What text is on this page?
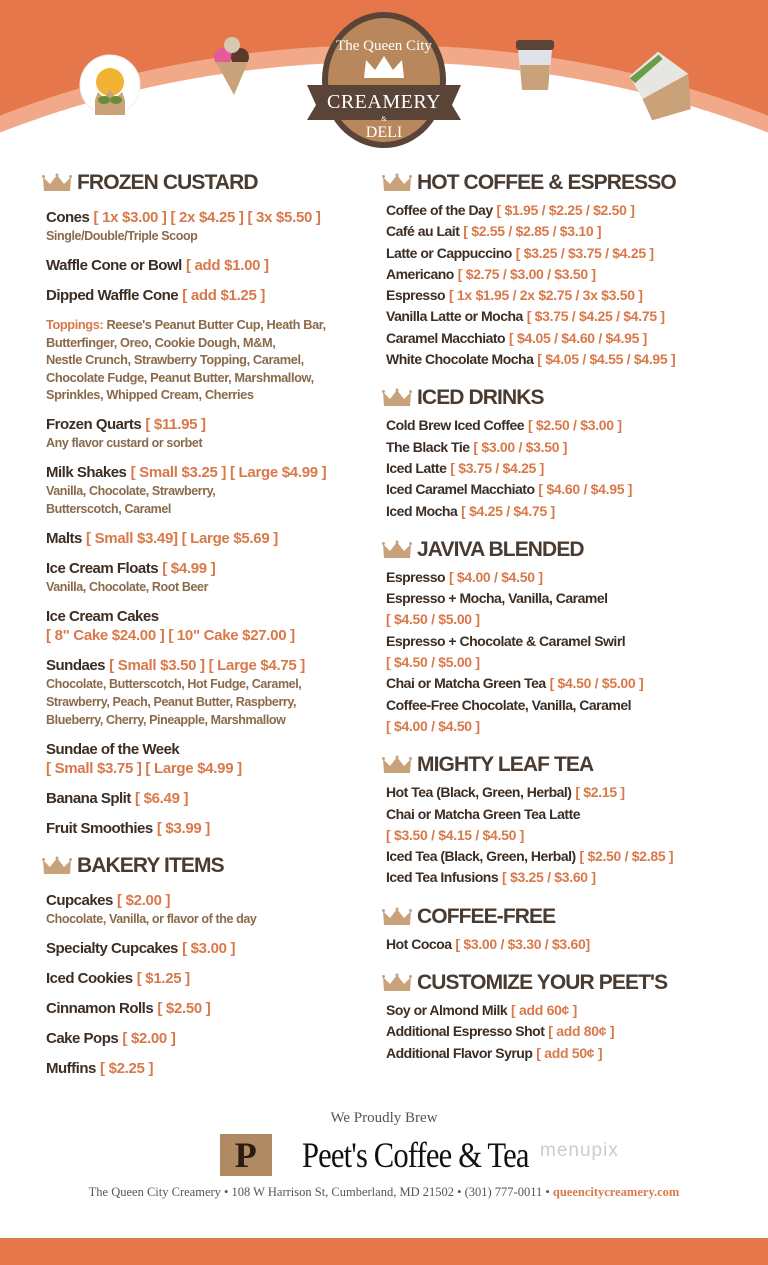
The Queen City
CREAMERY
&
DELI
FROZEN CUSTARD
Cones [ 1x $3.00 ] [ 2x $4.25 ] [ 3x $5.50 ]
Single/Double/Triple Scoop
Waffle Cone or Bowl [ add $1.00 ]
Dipped Waffle Cone [ add $1.25 ]
Toppings: Reese's Peanut Butter Cup, Heath Bar,
Butterfinger, Oreo, Cookie Dough, M&M,
Nestle Crunch, Strawberry Topping, Caramel,
Chocolate Fudge, Peanut Butter, Marshmallow,
Sprinkles, Whipped Cream, Cherries
Frozen Quarts [ $11.95 ]
Any flavor custard or sorbet
Milk Shakes [ Small $3.25 ] [ Large $4.99 ]
Vanilla, Chocolate, Strawberry,
Butterscotch, Caramel
Malts [ Small $3.49] [ Large $5.69 ]
Ice Cream Floats [ $4.99 ]
Vanilla, Chocolate, Root Beer
Ice Cream Cakes
[ 8" Cake $24.00 ] [ 10" Cake $27.00 ]
Sundaes [ Small $3.50 ] [ Large $4.75 ]
Chocolate, Butterscotch, Hot Fudge, Caramel,
Strawberry, Peach, Peanut Butter, Raspberry,
Blueberry, Cherry, Pineapple, Marshmallow
Sundae of the Week
[ Small $3.75 ] [ Large $4.99 ]
Banana Split [ $6.49 ]
Fruit Smoothies [ $3.99 ]
BAKERY ITEMS
Cupcakes [ $2.00 ]
Chocolate, Vanilla, or flavor of the day
Specialty Cupcakes [ $3.00 ]
Iced Cookies [ $1.25 ]
Cinnamon Rolls [ $2.50 ]
Cake Pops [ $2.00 ]
Muffins [ $2.25 ]
HOT COFFEE & ESPRESSO
Coffee of the Day [ $1.95 / $2.25 / $2.50 ]
Café au Lait [ $2.55 / $2.85 / $3.10 ]
Latte or Cappuccino [ $3.25 / $3.75 / $4.25 ]
Americano [ $2.75 / $3.00 / $3.50 ]
Espresso [ 1x $1.95 / 2x $2.75 / 3x $3.50 ]
Vanilla Latte or Mocha [ $3.75 / $4.25 / $4.75 ]
Caramel Macchiato [ $4.05 / $4.60 / $4.95 ]
White Chocolate Mocha [ $4.05 / $4.55 / $4.95 ]
ICED DRINKS
Cold Brew Iced Coffee [ $2.50 / $3.00 ]
The Black Tie [ $3.00 / $3.50 ]
Iced Latte [ $3.75 / $4.25 ]
Iced Caramel Macchiato [ $4.60 / $4.95 ]
Iced Mocha [ $4.25 / $4.75 ]
JAVIVA BLENDED
Espresso [ $4.00 / $4.50 ]
Espresso + Mocha, Vanilla, Caramel
[ $4.50 / $5.00 ]
Espresso + Chocolate & Caramel Swirl
[ $4.50 / $5.00 ]
Chai or Matcha Green Tea [ $4.50 / $5.00 ]
Coffee-Free Chocolate, Vanilla, Caramel
[ $4.00 / $4.50 ]
MIGHTY LEAF TEA
Hot Tea (Black, Green, Herbal) [ $2.15 ]
Chai or Matcha Green Tea Latte
[ $3.50 / $4.15 / $4.50 ]
Iced Tea (Black, Green, Herbal) [ $2.50 / $2.85 ]
Iced Tea Infusions [ $3.25 / $3.60 ]
COFFEE-FREE
Hot Cocoa [ $3.00 / $3.30 / $3.60]
CUSTOMIZE YOUR PEET'S
Soy or Almond Milk [ add 60¢ ]
Additional Espresso Shot [ add 80¢ ]
Additional Flavor Syrup [ add 50¢ ]
We Proudly Brew
P Peet's Coffee & Tea
The Queen City Creamery • 108 W Harrison St, Cumberland, MD 21502 • (301) 777-0011 • queencitycreamery.com
menupix
